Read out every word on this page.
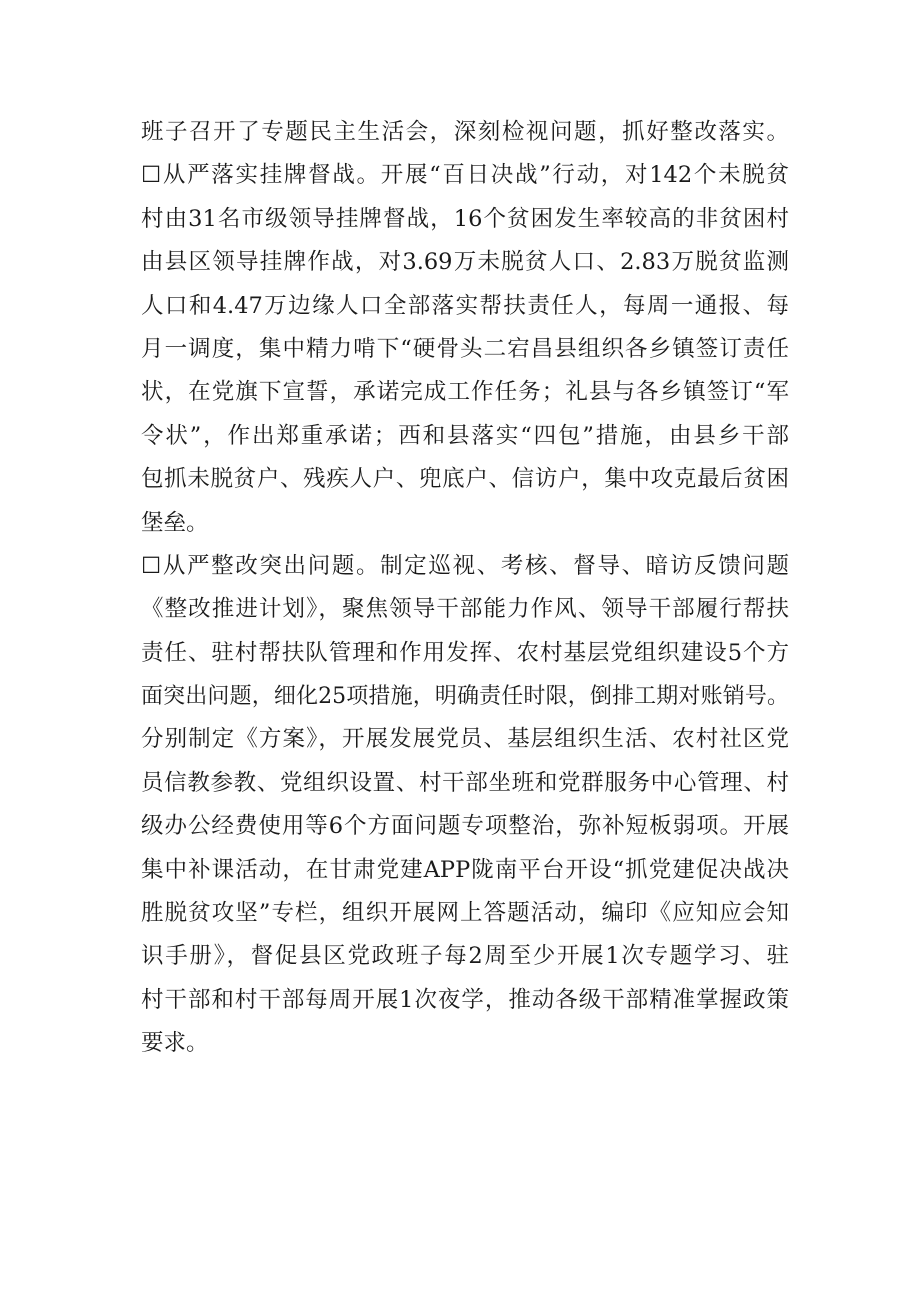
班子召开了专题民主生活会，深刻检视问题，抓好整改落实。
☐从严落实挂牌督战。开展“百日决战”行动，对142个未脱贫
村由31名市级领导挂牌督战，16个贫困发生率较高的非贫困村
由县区领导挂牌作战，对3.69万未脱贫人口、2.83万脱贫监测
人口和4.47万边缘人口全部落实帮扶责任人，每周一通报、每
月一调度，集中精力啃下“硬骨头二宕昌县组织各乡镇签订责任
状，在党旗下宣誓，承诺完成工作任务；礼县与各乡镇签订“军
令状”，作出郑重承诺；西和县落实“四包”措施，由县乡干部
包抓未脱贫户、残疾人户、兜底户、信访户，集中攻克最后贫困
堡垒。
☐从严整改突出问题。制定巡视、考核、督导、暗访反馈问题
《整改推进计划》，聚焦领导干部能力作风、领导干部履行帮扶
责任、驻村帮扶队管理和作用发挥、农村基层党组织建设5个方
面突出问题，细化25项措施，明确责任时限，倒排工期对账销号。
分别制定《方案》，开展发展党员、基层组织生活、农村社区党
员信教参教、党组织设置、村干部坐班和党群服务中心管理、村
级办公经费使用等6个方面问题专项整治，弥补短板弱项。开展
集中补课活动，在甘肃党建APP陇南平台开设“抓党建促决战决
胜脱贫攻坚”专栏，组织开展网上答题活动，编印《应知应会知
识手册》，督促县区党政班子每2周至少开展1次专题学习、驻
村干部和村干部每周开展1次夜学，推动各级干部精准掌握政策
要求。
